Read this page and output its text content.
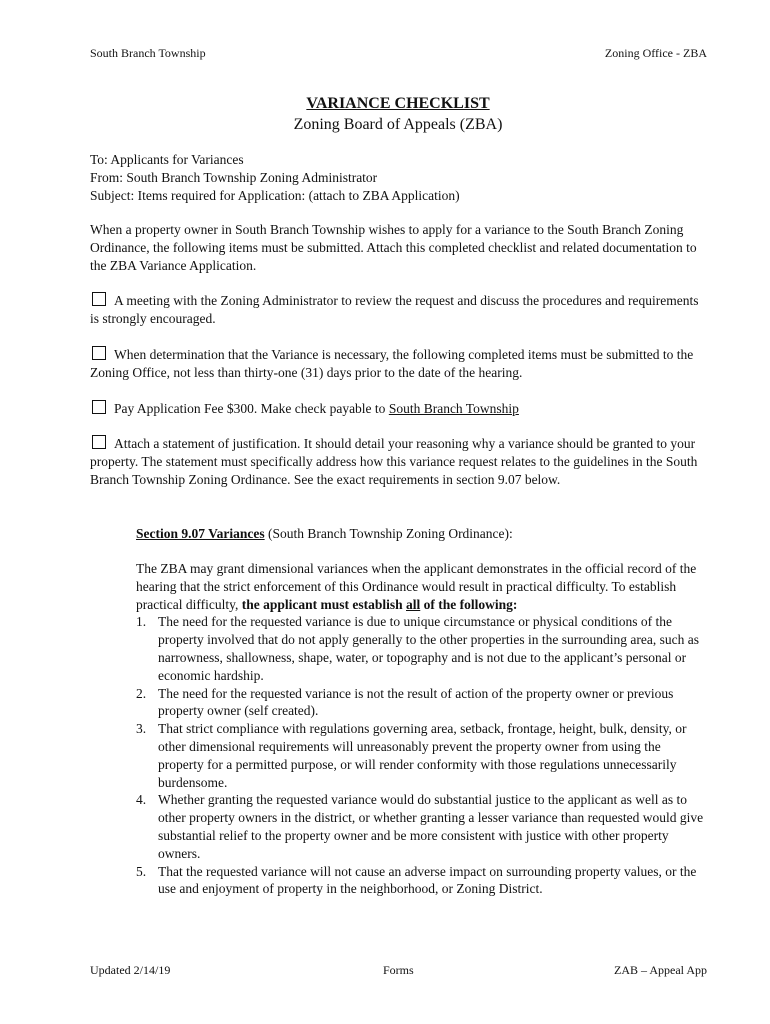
South Branch Township	Zoning Office - ZBA
VARIANCE CHECKLIST
Zoning Board of Appeals (ZBA)
To: Applicants for Variances
From: South Branch Township Zoning Administrator
Subject: Items required for Application: (attach to ZBA Application)
When a property owner in South Branch Township wishes to apply for a variance to the South Branch Zoning Ordinance, the following items must be submitted. Attach this completed checklist and related documentation to the ZBA Variance Application.
A meeting with the Zoning Administrator to review the request and discuss the procedures and requirements is strongly encouraged.
When determination that the Variance is necessary, the following completed items must be submitted to the Zoning Office, not less than thirty-one (31) days prior to the date of the hearing.
Pay Application Fee $300. Make check payable to South Branch Township
Attach a statement of justification. It should detail your reasoning why a variance should be granted to your property. The statement must specifically address how this variance request relates to the guidelines in the South Branch Township Zoning Ordinance. See the exact requirements in section 9.07 below.
Section 9.07 Variances (South Branch Township Zoning Ordinance):
The ZBA may grant dimensional variances when the applicant demonstrates in the official record of the hearing that the strict enforcement of this Ordinance would result in practical difficulty. To establish practical difficulty, the applicant must establish all of the following:
1. The need for the requested variance is due to unique circumstance or physical conditions of the property involved that do not apply generally to the other properties in the surrounding area, such as narrowness, shallowness, shape, water, or topography and is not due to the applicant’s personal or economic hardship.
2. The need for the requested variance is not the result of action of the property owner or previous property owner (self created).
3. That strict compliance with regulations governing area, setback, frontage, height, bulk, density, or other dimensional requirements will unreasonably prevent the property owner from using the property for a permitted purpose, or will render conformity with those regulations unnecessarily burdensome.
4. Whether granting the requested variance would do substantial justice to the applicant as well as to other property owners in the district, or whether granting a lesser variance than requested would give substantial relief to the property owner and be more consistent with justice with other property owners.
5. That the requested variance will not cause an adverse impact on surrounding property values, or the use and enjoyment of property in the neighborhood, or Zoning District.
Updated 2/14/19	Forms	ZAB – Appeal App
